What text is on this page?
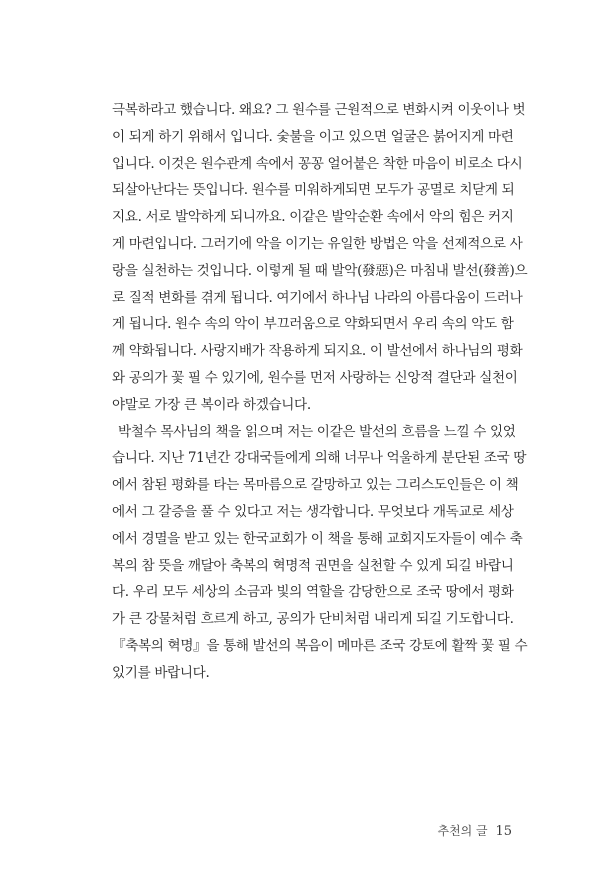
극복하라고 했습니다. 왜요? 그 원수를 근원적으로 변화시켜 이웃이나 벗
이 되게 하기 위해서 입니다. 숯불을 이고 있으면 얼굴은 붉어지게 마련
입니다. 이것은 원수관계 속에서 꽁꽁 얼어붙은 착한 마음이 비로소 다시
되살아난다는 뜻입니다. 원수를 미워하게되면 모두가 공멸로 치닫게 되
지요. 서로 발악하게 되니까요. 이같은 발악순환 속에서 악의 힘은 커지
게 마련입니다. 그러기에 악을 이기는 유일한 방법은 악을 선제적으로 사
랑을 실천하는 것입니다. 이렇게 될 때 발악(發惡)은 마침내 발선(發善)으
로 질적 변화를 겪게 됩니다. 여기에서 하나님 나라의 아름다움이 드러나
게 됩니다. 원수 속의 악이 부끄러움으로 약화되면서 우리 속의 악도 함
께 약화됩니다. 사랑지배가 작용하게 되지요. 이 발선에서 하나님의 평화
와 공의가 꽃 필 수 있기에, 원수를 먼저 사랑하는 신앙적 결단과 실천이
야말로 가장 큰 복이라 하겠습니다.
박철수 목사님의 책을 읽으며 저는 이같은 발선의 흐름을 느낄 수 있었
습니다. 지난 71년간 강대국들에게 의해 너무나 억울하게 분단된 조국 땅
에서 참된 평화를 타는 목마름으로 갈망하고 있는 그리스도인들은 이 책
에서 그 갈증을 풀 수 있다고 저는 생각합니다. 무엇보다 개독교로 세상
에서 경멸을 받고 있는 한국교회가 이 책을 통해 교회지도자들이 예수 축
복의 참 뜻을 깨달아 축복의 혁명적 권면을 실천할 수 있게 되길 바랍니
다. 우리 모두 세상의 소금과 빛의 역할을 감당한으로 조국 땅에서 평화
가 큰 강물처럼 흐르게 하고, 공의가 단비처럼 내리게 되길 기도합니다.
『축복의 혁명』을 통해 발선의 복음이 메마른 조국 강토에 활짝 꽃 필 수
있기를 바랍니다.
추천의 글 15
